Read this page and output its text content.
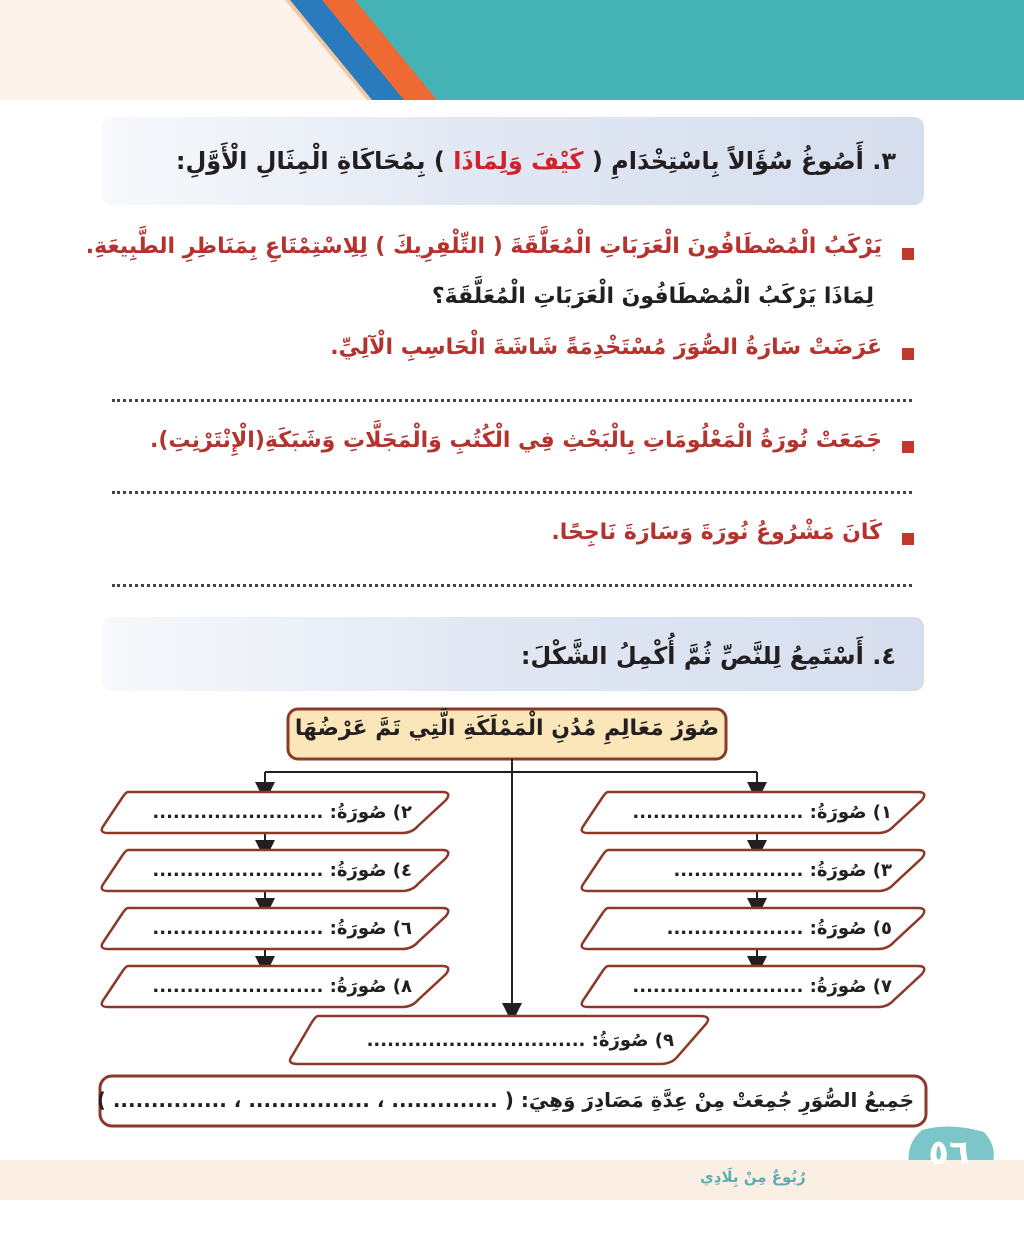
٣. أَصُوغُ سُؤَالاً بِاسْتِخْدَامِ ( كَيْفَ وَلِمَاذَا ) بِمُحَاكَاةِ الْمِثَالِ الْأَوَّلِ:
يَرْكَبُ الْمُصْطَافُونَ الْعَرَبَاتِ الْمُعَلَّقَةَ ( التِّلْفِرِيكَ ) لِلِاسْتِمْتَاعِ بِمَنَاظِرِ الطَّبِيعَةِ.
لِمَاذَا يَرْكَبُ الْمُصْطَافُونَ الْعَرَبَاتِ الْمُعَلَّقَةَ؟
عَرَضَتْ سَارَةُ الصُّوَرَ مُسْتَخْدِمَةً شَاشَةَ الْحَاسِبِ الْآلِيِّ.
جَمَعَتْ نُورَةُ الْمَعْلُومَاتِ بِالْبَحْثِ فِي الْكُتُبِ وَالْمَجَلَّاتِ وَشَبَكَةِ(الْإِنْتَرْنِتِ).
كَانَ مَشْرُوعُ نُورَةَ وَسَارَةَ نَاجِحًا.
٤. أَسْتَمِعُ لِلنَّصِّ ثُمَّ أُكْمِلُ الشَّكْلَ:
صُوَرُ مَعَالِمِ مُدُنِ الْمَمْلَكَةِ الَّتِي تَمَّ عَرْضُهَا
١) صُورَةُ: .........................
٢) صُورَةُ: .........................
٣) صُورَةُ: ...................
٤) صُورَةُ: .........................
٥) صُورَةُ: ....................
٦) صُورَةُ: .........................
٧) صُورَةُ: .........................
٨) صُورَةُ: .........................
٩) صُورَةُ: ................................
جَمِيعُ الصُّوَرِ جُمِعَتْ مِنْ عِدَّةِ مَصَادِرَ وَهِيَ: ( .............. ، ................ ، ............... )
٥٦
رُبُوعٌ مِنْ بِلَادِي
